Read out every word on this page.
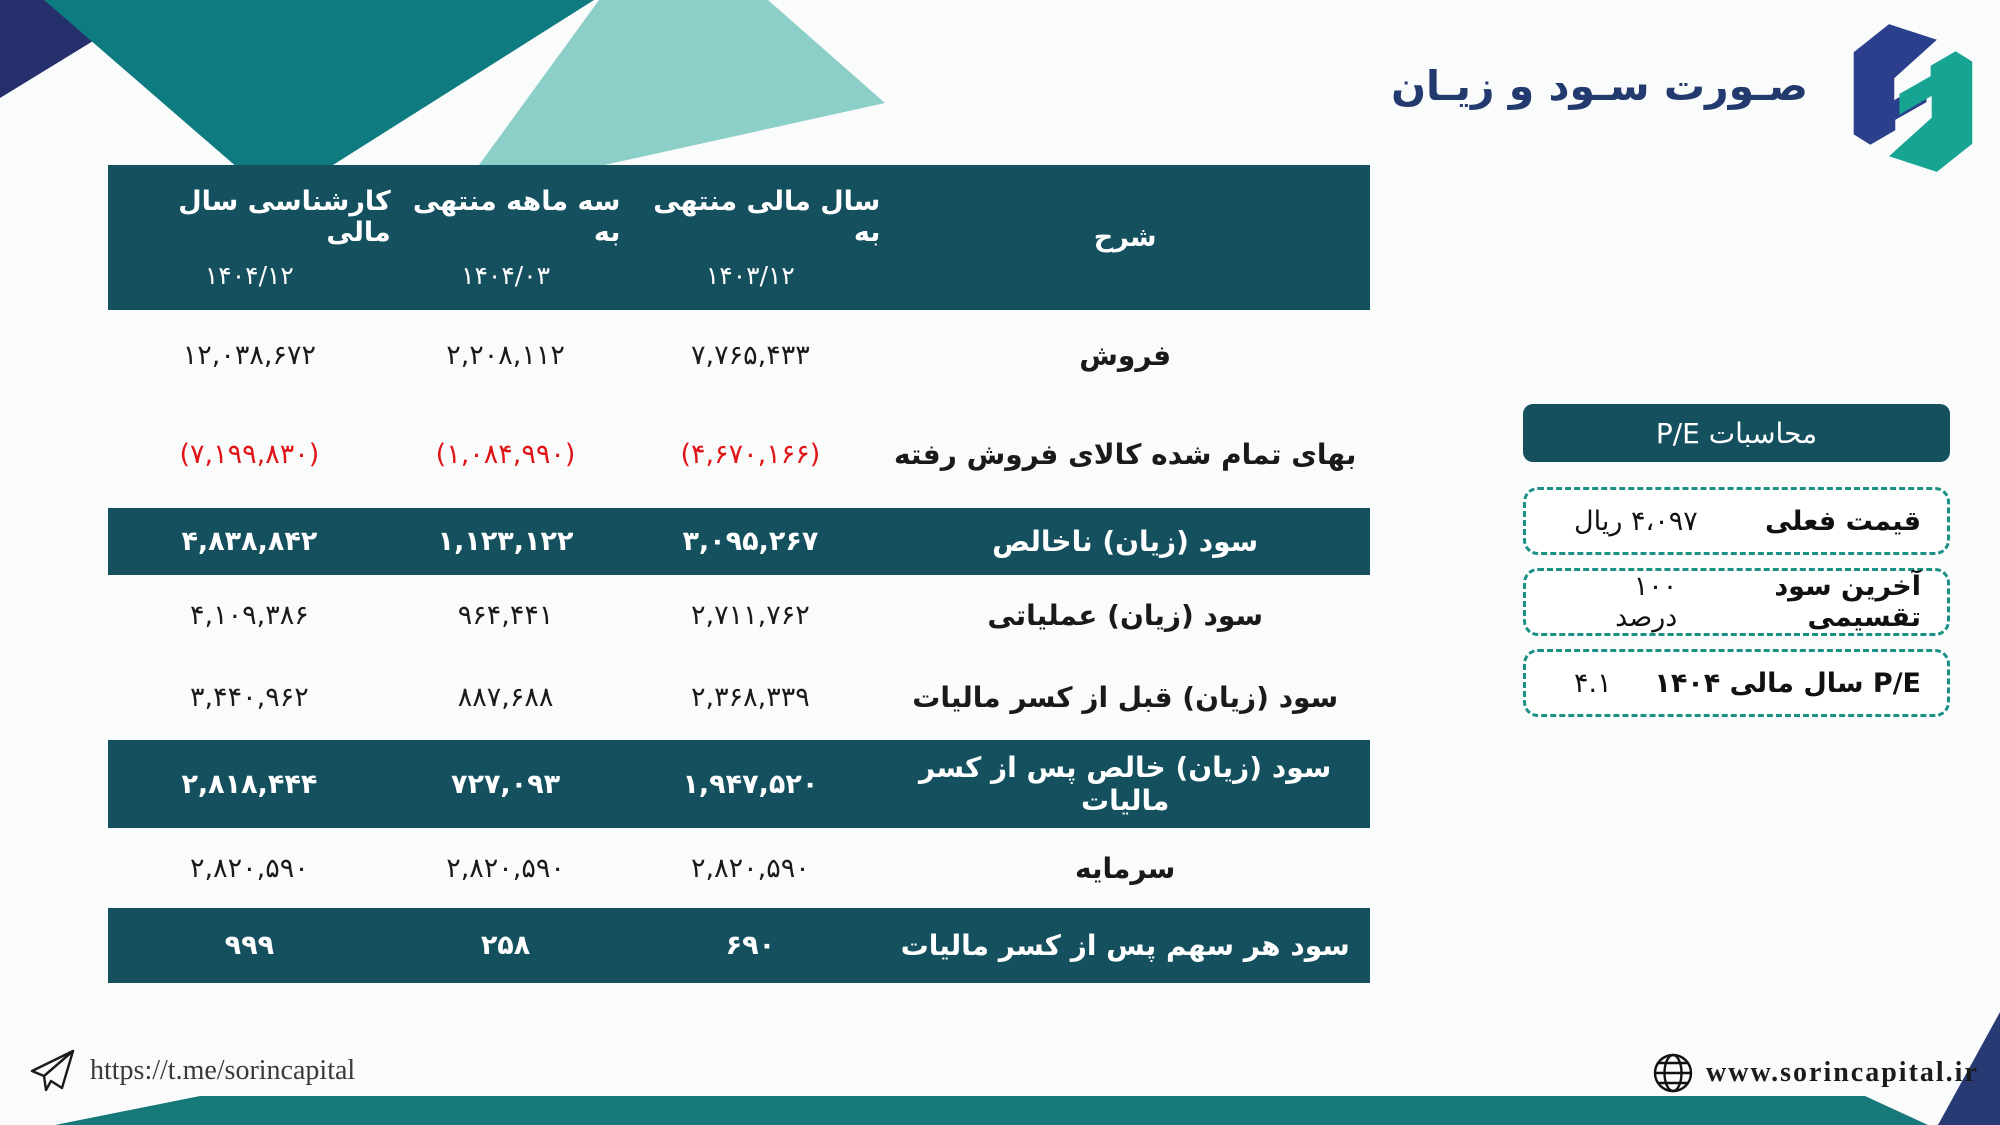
صـورت سـود و زیـان
شرح
سال مالی منتهی به
۱۴۰۳/۱۲
سه ماهه منتهی به
۱۴۰۴/۰۳
کارشناسی سال مالی
۱۴۰۴/۱۲
فروش
۷,۷۶۵,۴۳۳
۲,۲۰۸,۱۱۲
۱۲,۰۳۸,۶۷۲
بهای تمام شده کالای فروش رفته
(۴,۶۷۰,۱۶۶)
(۱,۰۸۴,۹۹۰)
(۷,۱۹۹,۸۳۰)
سود (زیان) ناخالص
۳,۰۹۵,۲۶۷
۱,۱۲۳,۱۲۲
۴,۸۳۸,۸۴۲
سود (زیان) عملیاتی
۲,۷۱۱,۷۶۲
۹۶۴,۴۴۱
۴,۱۰۹,۳۸۶
سود (زیان) قبل از کسر مالیات
۲,۳۶۸,۳۳۹
۸۸۷,۶۸۸
۳,۴۴۰,۹۶۲
سود (زیان) خالص پس از کسر مالیات
۱,۹۴۷,۵۲۰
۷۲۷,۰۹۳
۲,۸۱۸,۴۴۴
سرمایه
۲,۸۲۰,۵۹۰
۲,۸۲۰,۵۹۰
۲,۸۲۰,۵۹۰
سود هر سهم پس از کسر مالیات
۶۹۰
۲۵۸
۹۹۹
محاسبات P/E
قیمت فعلی
۴،۰۹۷ ریال
آخرین سود تقسیمی
۱۰۰ درصد
P/E سال مالی ۱۴۰۴
۴.۱
https://t.me/sorincapital	www.sorincapital.ir
